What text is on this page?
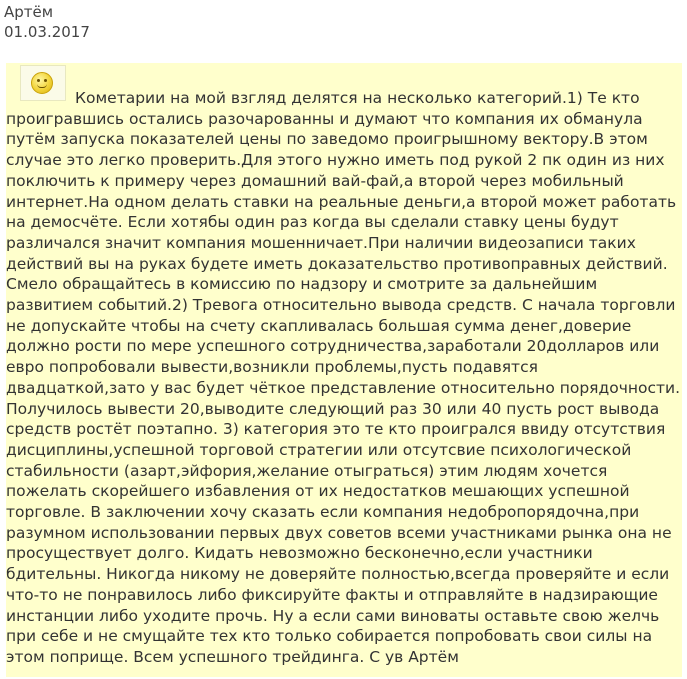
Артём
01.03.2017
Кометарии на мой взгляд делятся на несколько категорий.1) Те кто
проигравшись остались разочарованны и думают что компания их обманула
путём запуска показателей цены по заведомо проигрышному вектору.В этом
случае это легко проверить.Для этого нужно иметь под рукой 2 пк один из них
поключить к примеру через домашний вай-фай,а второй через мобильный
интернет.На одном делать ставки на реальные деньги,а второй может работать
на демосчёте. Если хотябы один раз когда вы сделали ставку цены будут
различался значит компания мошенничает.При наличии видеозаписи таких
действий вы на руках будете иметь доказательство противоправных действий.
Смело обращайтесь в комиссию по надзору и смотрите за дальнейшим
развитием событий.2) Тревога относительно вывода средств. С начала торговли
не допускайте чтобы на счету скапливалась большая сумма денег,доверие
должно рости по мере успешного сотрудничества,заработали 20долларов или
евро попробовали вывести,возникли проблемы,пусть подавятся
двадцаткой,зато у вас будет чёткое представление относительно порядочности.
Получилось вывести 20,выводите следующий раз 30 или 40 пусть рост вывода
средств ростёт поэтапно. 3) категория это те кто проигрался ввиду отсутствия
дисциплины,успешной торговой стратегии или отсутсвие психологической
стабильности (азарт,эйфория,желание отыграться) этим людям хочется
пожелать скорейшего избавления от их недостатков мешающих успешной
торговле. В заключении хочу сказать если компания недобропорядочна,при
разумном использовании первых двух советов всеми участниками рынка она не
просуществует долго. Кидать невозможно бесконечно,если участники
бдительны. Никогда никому не доверяйте полностью,всегда проверяйте и если
что-то не понравилось либо фиксируйте факты и отправляйте в надзирающие
инстанции либо уходите прочь. Ну а если сами виноваты оставьте свою желчь
при себе и не смущайте тех кто только собирается попробовать свои силы на
этом поприще. Всем успешного трейдинга. С ув Артём
